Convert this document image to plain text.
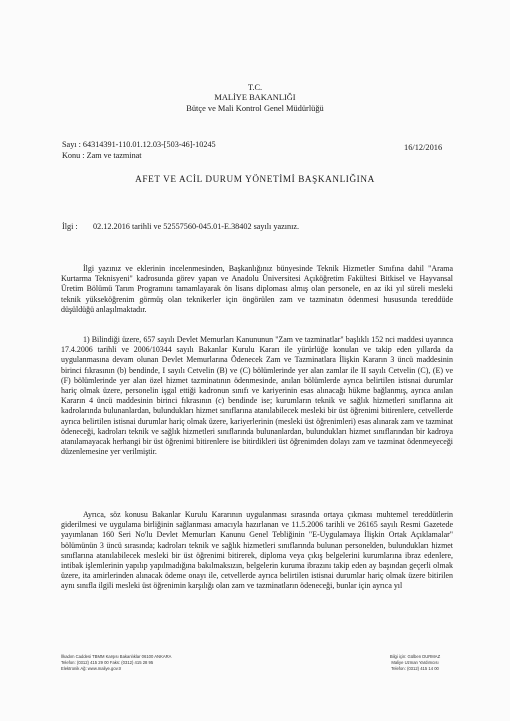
T.C.
MALİYE BAKANLIĞI
Bütçe ve Mali Kontrol Genel Müdürlüğü
Sayı : 64314391-110.01.12.03-[503-46]-10245
Konu : Zam ve tazminat
16/12/2016
AFET VE ACİL DURUM YÖNETİMİ BAŞKANLIĞINA
İlgi : 02.12.2016 tarihli ve 52557560-045.01-E.38402 sayılı yazınız.

İlgi yazınız ve eklerinin incelenmesinden, Başkanlığınız bünyesinde Teknik Hizmetler Sınıfına dahil "Arama Kurtarma Teknisyeni" kadrosunda görev yapan ve Anadolu Üniversitesi Açıköğretim Fakültesi Bitkisel ve Hayvansal Üretim Bölümü Tarım Programını tamamlayarak ön lisans diploması almış olan personele, en az iki yıl süreli mesleki teknik yükseköğrenim görmüş olan teknikerler için öngörülen zam ve tazminatın ödenmesi hususunda tereddüde düşüldüğü anlaşılmaktadır.

1) Bilindiği üzere, 657 sayılı Devlet Memurları Kanununun "Zam ve tazminatlar" başlıklı 152 nci maddesi uyarınca 17.4.2006 tarihli ve 2006/10344 sayılı Bakanlar Kurulu Kararı ile yürürlüğe konulan ve takip eden yıllarda da uygulanmasına devam olunan Devlet Memurlarına Ödenecek Zam ve Tazminatlara İlişkin Kararın 3 üncü maddesinin birinci fıkrasının (b) bendinde, I sayılı Cetvelin (B) ve (C) bölümlerinde yer alan zamlar ile II sayılı Cetvelin (C), (E) ve (F) bölümlerinde yer alan özel hizmet tazminatının ödenmesinde, anılan bölümlerde ayrıca belirtilen istisnai durumlar hariç olmak üzere, personelin işgal ettiği kadronun sınıfı ve kariyerinin esas alınacağı hükme bağlanmış, ayrıca anılan Kararın 4 üncü maddesinin birinci fıkrasının (c) bendinde ise; kurumların teknik ve sağlık hizmetleri sınıflarına ait kadrolarında bulunanlardan, bulundukları hizmet sınıflarına atanılabilecek mesleki bir üst öğrenimi bitirenlere, cetvellerde ayrıca belirtilen istisnai durumlar hariç olmak üzere, kariyerlerinin (mesleki üst öğrenimleri) esas alınarak zam ve tazminat ödeneceği, kadroları teknik ve sağlık hizmetleri sınıflarında bulunanlardan, bulundukları hizmet sınıflarından bir kadroya atanılamayacak herhangi bir üst öğrenimi bitirenlere ise bitirdikleri üst öğrenimden dolayı zam ve tazminat ödenmeyeceği düzenlemesine yer verilmiştir.

Ayrıca, söz konusu Bakanlar Kurulu Kararının uygulanması sırasında ortaya çıkması muhtemel tereddütlerin giderilmesi ve uygulama birliğinin sağlanması amacıyla hazırlanan ve 11.5.2006 tarihli ve 26165 sayılı Resmi Gazetede yayımlanan 160 Seri No'lu Devlet Memurları Kanunu Genel Tebliğinin "E-Uygulamaya İlişkin Ortak Açıklamalar" bölümünün 3 üncü sırasında; kadroları teknik ve sağlık hizmetleri sınıflarında bulunan personelden, bulundukları hizmet sınıflarına atanılabilecek mesleki bir üst öğrenimi bitirerek, diploma veya çıkış belgelerini kurumlarına ibraz edenlere, intibak işlemlerinin yapılıp yapılmadığına bakılmaksızın, belgelerin kuruma ibrazını takip eden ay başından geçerli olmak üzere, ita amirlerinden alınacak ödeme onayı ile, cetvellerde ayrıca belirtilen istisnai durumlar hariç olmak üzere bitirilen aynı sınıfla ilgili mesleki üst öğrenimin karşılığı olan zam ve tazminatların ödeneceği, bunlar için ayrıca yıl

İlkadım Caddesi TBMM Karşısı Bakanlıklar 06100 ANKARA
Telefon: (0312) 415 29 00 Faks: (0312) 415 28 95
Elektronik Ağ: www.maliye.gov.tr
Bilgi için: Gülben DURMAZ
Maliye Uzman Yardımcısı
Telefon: (0312) 415 14 00
